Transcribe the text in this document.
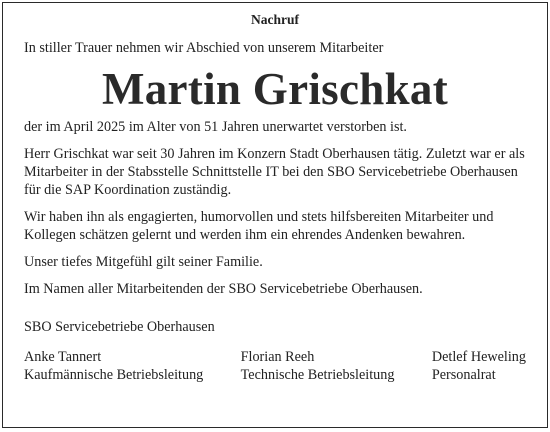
Nachruf

In stiller Trauer nehmen wir Abschied von unserem Mitarbeiter

Martin Grischkat

der im April 2025 im Alter von 51 Jahren unerwartet verstorben ist.

Herr Grischkat war seit 30 Jahren im Konzern Stadt Oberhausen tätig. Zuletzt war er als Mitarbeiter in der Stabsstelle Schnittstelle IT bei den SBO Servicebetriebe Oberhausen für die SAP Koordination zuständig.

Wir haben ihn als engagierten, humorvollen und stets hilfsbereiten Mitarbeiter und Kollegen schätzen gelernt und werden ihm ein ehrendes Andenken bewahren.

Unser tiefes Mitgefühl gilt seiner Familie.

Im Namen aller Mitarbeitenden der SBO Servicebetriebe Oberhausen.

SBO Servicebetriebe Oberhausen

Anke Tannert
Kaufmännische Betriebsleitung
Florian Reeh
Technische Betriebsleitung
Detlef Heweling
Personalrat
